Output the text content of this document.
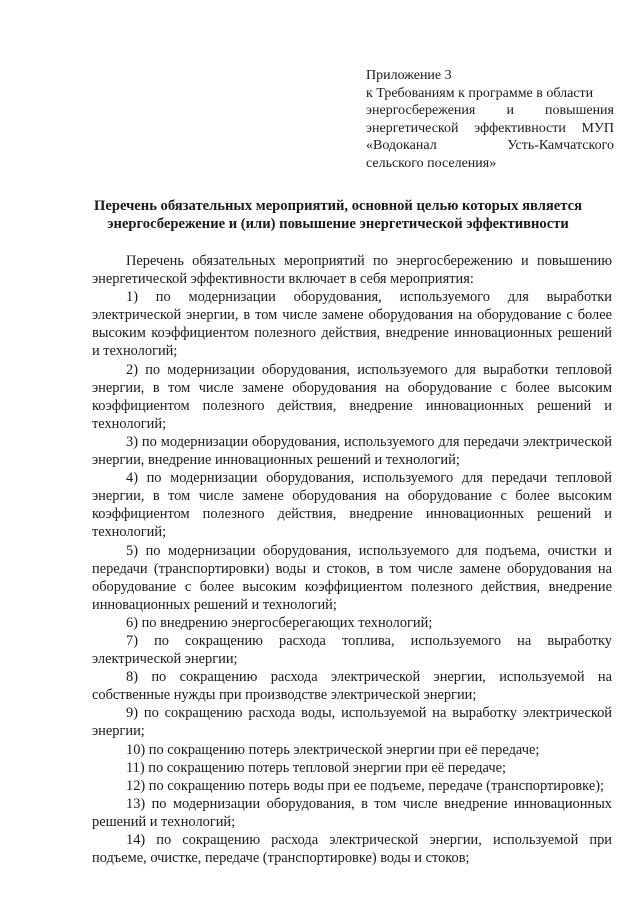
Приложение 3
к Требованиям к программе в области
энергосбережения и повышения
энергетической эффективности МУП
«Водоканал Усть-Камчатского
сельского поселения»
Перечень обязательных мероприятий, основной целью которых является энергосбережение и (или) повышение энергетической эффективности

Перечень обязательных мероприятий по энергосбережению и повышению энергетической эффективности включает в себя мероприятия:

1) по модернизации оборудования, используемого для выработки электрической энергии, в том числе замене оборудования на оборудование с более высоким коэффициентом полезного действия, внедрение инновационных решений и технологий;

2) по модернизации оборудования, используемого для выработки тепловой энергии, в том числе замене оборудования на оборудование с более высоким коэффициентом полезного действия, внедрение инновационных решений и технологий;

3) по модернизации оборудования, используемого для передачи электрической энергии, внедрение инновационных решений и технологий;

4) по модернизации оборудования, используемого для передачи тепловой энергии, в том числе замене оборудования на оборудование с более высоким коэффициентом полезного действия, внедрение инновационных решений и технологий;

5) по модернизации оборудования, используемого для подъема, очистки и передачи (транспортировки) воды и стоков, в том числе замене оборудования на оборудование с более высоким коэффициентом полезного действия, внедрение инновационных решений и технологий;

6) по внедрению энергосберегающих технологий;

7) по сокращению расхода топлива, используемого на выработку электрической энергии;

8) по сокращению расхода электрической энергии, используемой на собственные нужды при производстве электрической энергии;

9) по сокращению расхода воды, используемой на выработку электрической энергии;

10) по сокращению потерь электрической энергии при её передаче;

11) по сокращению потерь тепловой энергии при её передаче;

12) по сокращению потерь воды при ее подъеме, передаче (транспортировке);

13) по модернизации оборудования, в том числе внедрение инновационных решений и технологий;

14) по сокращению расхода электрической энергии, используемой при подъеме, очистке, передаче (транспортировке) воды и стоков;
